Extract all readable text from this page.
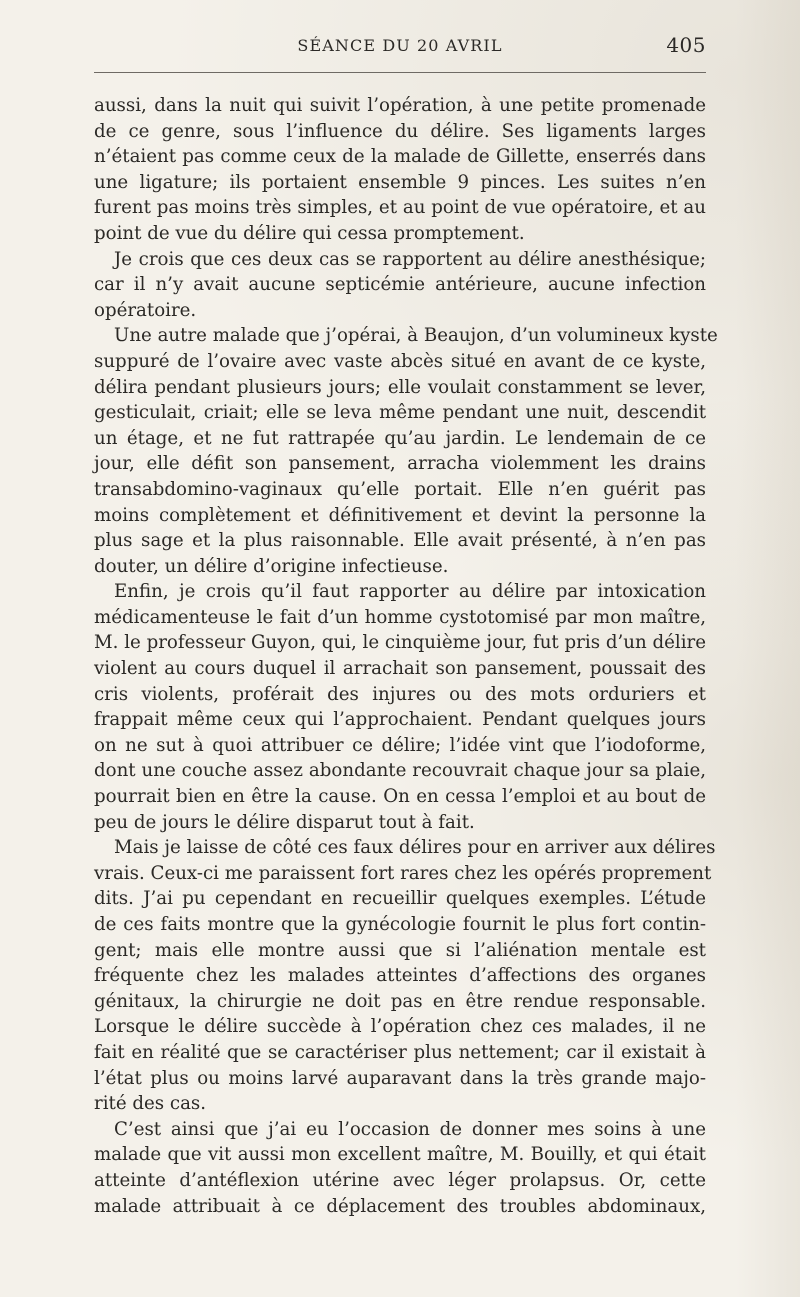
SÉANCE DU 20 AVRIL	405
aussi, dans la nuit qui suivit l’opération, à une petite promenade
de ce genre, sous l’influence du délire. Ses ligaments larges
n’étaient pas comme ceux de la malade de Gillette, enserrés dans
une ligature; ils portaient ensemble 9 pinces. Les suites n’en
furent pas moins très simples, et au point de vue opératoire, et au
point de vue du délire qui cessa promptement.
Je crois que ces deux cas se rapportent au délire anesthésique;
car il n’y avait aucune septicémie antérieure, aucune infection
opératoire.
Une autre malade que j’opérai, à Beaujon, d’un volumineux kyste
suppuré de l’ovaire avec vaste abcès situé en avant de ce kyste,
délira pendant plusieurs jours; elle voulait constamment se lever,
gesticulait, criait; elle se leva même pendant une nuit, descendit
un étage, et ne fut rattrapée qu’au jardin. Le lendemain de ce
jour, elle défit son pansement, arracha violemment les drains
transabdomino-vaginaux qu’elle portait. Elle n’en guérit pas
moins complètement et définitivement et devint la personne la
plus sage et la plus raisonnable. Elle avait présenté, à n’en pas
douter, un délire d’origine infectieuse.
Enfin, je crois qu’il faut rapporter au délire par intoxication
médicamenteuse le fait d’un homme cystotomisé par mon maître,
M. le professeur Guyon, qui, le cinquième jour, fut pris d’un délire
violent au cours duquel il arrachait son pansement, poussait des
cris violents, proférait des injures ou des mots orduriers et
frappait même ceux qui l’approchaient. Pendant quelques jours
on ne sut à quoi attribuer ce délire; l’idée vint que l’iodoforme,
dont une couche assez abondante recouvrait chaque jour sa plaie,
pourrait bien en être la cause. On en cessa l’emploi et au bout de
peu de jours le délire disparut tout à fait.
Mais je laisse de côté ces faux délires pour en arriver aux délires
vrais. Ceux-ci me paraissent fort rares chez les opérés proprement
dits. J’ai pu cependant en recueillir quelques exemples. L’étude
de ces faits montre que la gynécologie fournit le plus fort contin-
gent; mais elle montre aussi que si l’aliénation mentale est
fréquente chez les malades atteintes d’affections des organes
génitaux, la chirurgie ne doit pas en être rendue responsable.
Lorsque le délire succède à l’opération chez ces malades, il ne
fait en réalité que se caractériser plus nettement; car il existait à
l’état plus ou moins larvé auparavant dans la très grande majo-
rité des cas.
C’est ainsi que j’ai eu l’occasion de donner mes soins à une
malade que vit aussi mon excellent maître, M. Bouilly, et qui était
atteinte d’antéflexion utérine avec léger prolapsus. Or, cette
malade attribuait à ce déplacement des troubles abdominaux,
